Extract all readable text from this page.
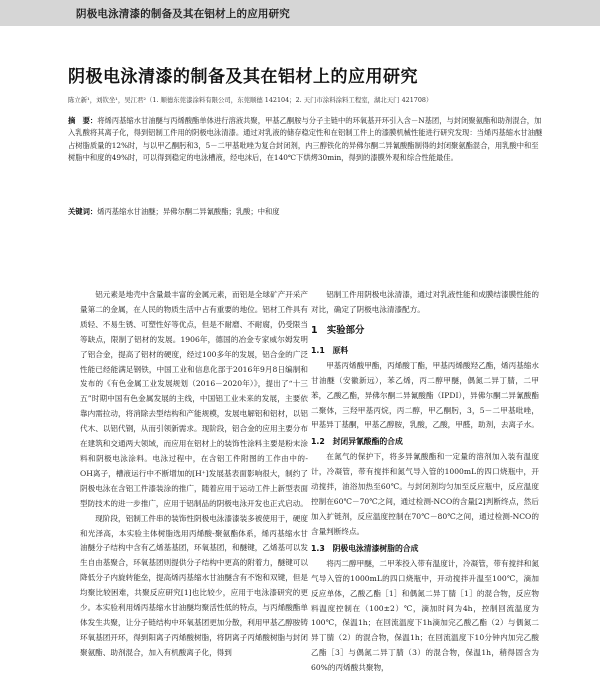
阴极电泳清漆的制备及其在铝材上的应用研究
阴极电泳清漆的制备及其在铝材上的应用研究
陈立新¹，刘钦坐¹，吴江君²（1. 顺德东莞漆涂料有限公司，东莞顺德 142104；2. 天门市涂料涂料工程室，湖北天门 421708）
摘　要：将烯丙基缩水甘油醚与丙烯酸酯单体进行溶液共聚，甲基乙酮胺与分子主链中的环氧基开环引入含－N基团，与封闭聚氨酯和助剂混合，加入乳酸将其离子化，得到铝制工件用的阴极电泳清漆。通过对乳液的储存稳定性和在铝制工件上的漆膜机械性能进行研究发现：当烯丙基缩水甘油醚占树脂质量的12%时，与以甲乙酮肟和3，5－二甲基吡唑为复合封闭剂，内三醇铁化的异佛尔酮二异氰酸酯制得的封闭聚氨酯混合，用乳酸中和至树脂中和度的49%时，可以得到稳定的电泳槽液，经电沫后，在140℃下烘烤30min，得到的漆膜外观和综合性能最佳。
关键词：烯丙基缩水甘油醚；异佛尔酮二异氰酸酯；乳酸；中和度

铝元素是地壳中含量最丰富的金属元素，而铝是全球矿产开采产量第二的金属，在人民的物质生活中占有重要的地位。铝材工件具有质轻、不易生锈、可塑性好等优点，但是不耐磨、不耐腐，仍受限当等缺点，限制了铝材的发展。1906年，德国的冶金专家威尔姆发明了铝合金，提高了铝材的硬度，经过100多年的发展，铝合金的广泛性能已经能满足钢铁，中国工业和信息化部于2016年9月8日编制和发布的《有色金属工业发展规划（2016－2020年）》，提出了“十三五”时期中国有色金属发展的主线，中国铝工业未来的发展，主要依靠内需拉动，将消除去型结构和产能规模，发展电解铝和铝材，以铝代木、以铝代钢，从而引领新需求。现阶段，铝合金的应用主要分布在建筑和交通两大领域，而应用在铝材上的装饰性涂料主要是粉末涂料和阴极电泳涂料。电泳过程中，在含铝工件附图的工作由中的-OH离子，槽液运行中不断增加的[H⁺]发展基表面影响很大，制约了阴极电泳在含铝工件漆装涂的推广，随着应用于运动工件上新型表面型防技术的进一步推广，应用于铝制品的阴极电泳开发也正式启动。

现阶段，铝制工件串的装饰性阴极电泳漆漆装多被使用于，硬度和光泽高，本实验主体树脂选用丙烯酸-聚氨酯体系，烯丙基缩水甘油醚分子结构中含有乙烯基基团，环氧基团，和醚键，乙烯基可以发生自由基聚合，环氧基团则提供分子结构中更高的附着力，醚键可以降低分子内旋转能垒，提高烯丙基缩水甘油醚含有不饱和双键，但是均聚比较困难，共聚反应研究[1]也比较少，应用于电泳漆研究的更少。本实验利用烯丙基缩水甘油醚均聚活性低的特点，与丙烯酸酯单体发生共聚，让分子链结构中环氧基团更加分散，利用甲基乙醇胺铸环氧基团开环，得到阳离子丙烯酸树脂，将阴离子丙烯酸树脂与封闭聚氨酯、助剂混合，加入有机酸离子化，得到

铝制工件用阴极电泳清漆，通过对乳液性能和成膜结漆膜性能的对比，确定了阴极电泳清漆配方。

1　实验部分
1.1　原料

甲基丙烯酸甲酯，丙烯酸丁酯，甲基丙烯酸羟乙酯，烯丙基缩水甘油醚（安徽新远），苯乙烯，丙二醇甲醚，偶氮二异丁腈，二甲苯，乙酸乙酯，异佛尔酮二异氰酸酯（IPDI），异佛尔酮二异氰酸酯二聚体，三羟甲基丙烷，丙二醇，甲乙酮肟，3，5－二甲基吡唑，甲基异丁基酮，甲基乙醇胺，乳酸，乙酸，甲醛，助剂，去离子水。

1.2　封闭异氰酸酯的合成

在氮气的保护下，将多异氰酸酯和一定量的溶剂加入装有温度计，冷凝管，带有搅拌和氮气导入管的1000mL的四口烧瓶中，开动搅拌，油浴加热至60℃。与封闭剂均匀加至反应瓶中，反应温度控制在60℃－70℃之间，通过检测-NCO的含量[2]判断终点，然后加入扩链剂，反应温度控制在70℃－80℃之间，通过检测-NCO的含量判断终点。

1.3　阴极电泳清漆树脂的合成

将丙二醇甲醚，二甲苯投入带有温度计，冷凝管，带有搅拌和氮气导入管的1000mL的四口烧瓶中，开动搅拌升温至100℃，滴加反应单体，乙酸乙酯［1］和偶氮二异丁腈［1］的混合物，反应物料温度控制在（100±2）℃，滴加时间为4h，控制回流温度为100℃，保温1h；在回流温度下1h滴加完乙酸乙酯（2）与偶氮二异丁腈（2）的混合物，保温1h；在回流温度下10分钟内加完乙酸乙酯［3］与偶氮二异丁腈（3）的混合物，保温1h，稍得固含为60%的丙烯酸共聚物，
